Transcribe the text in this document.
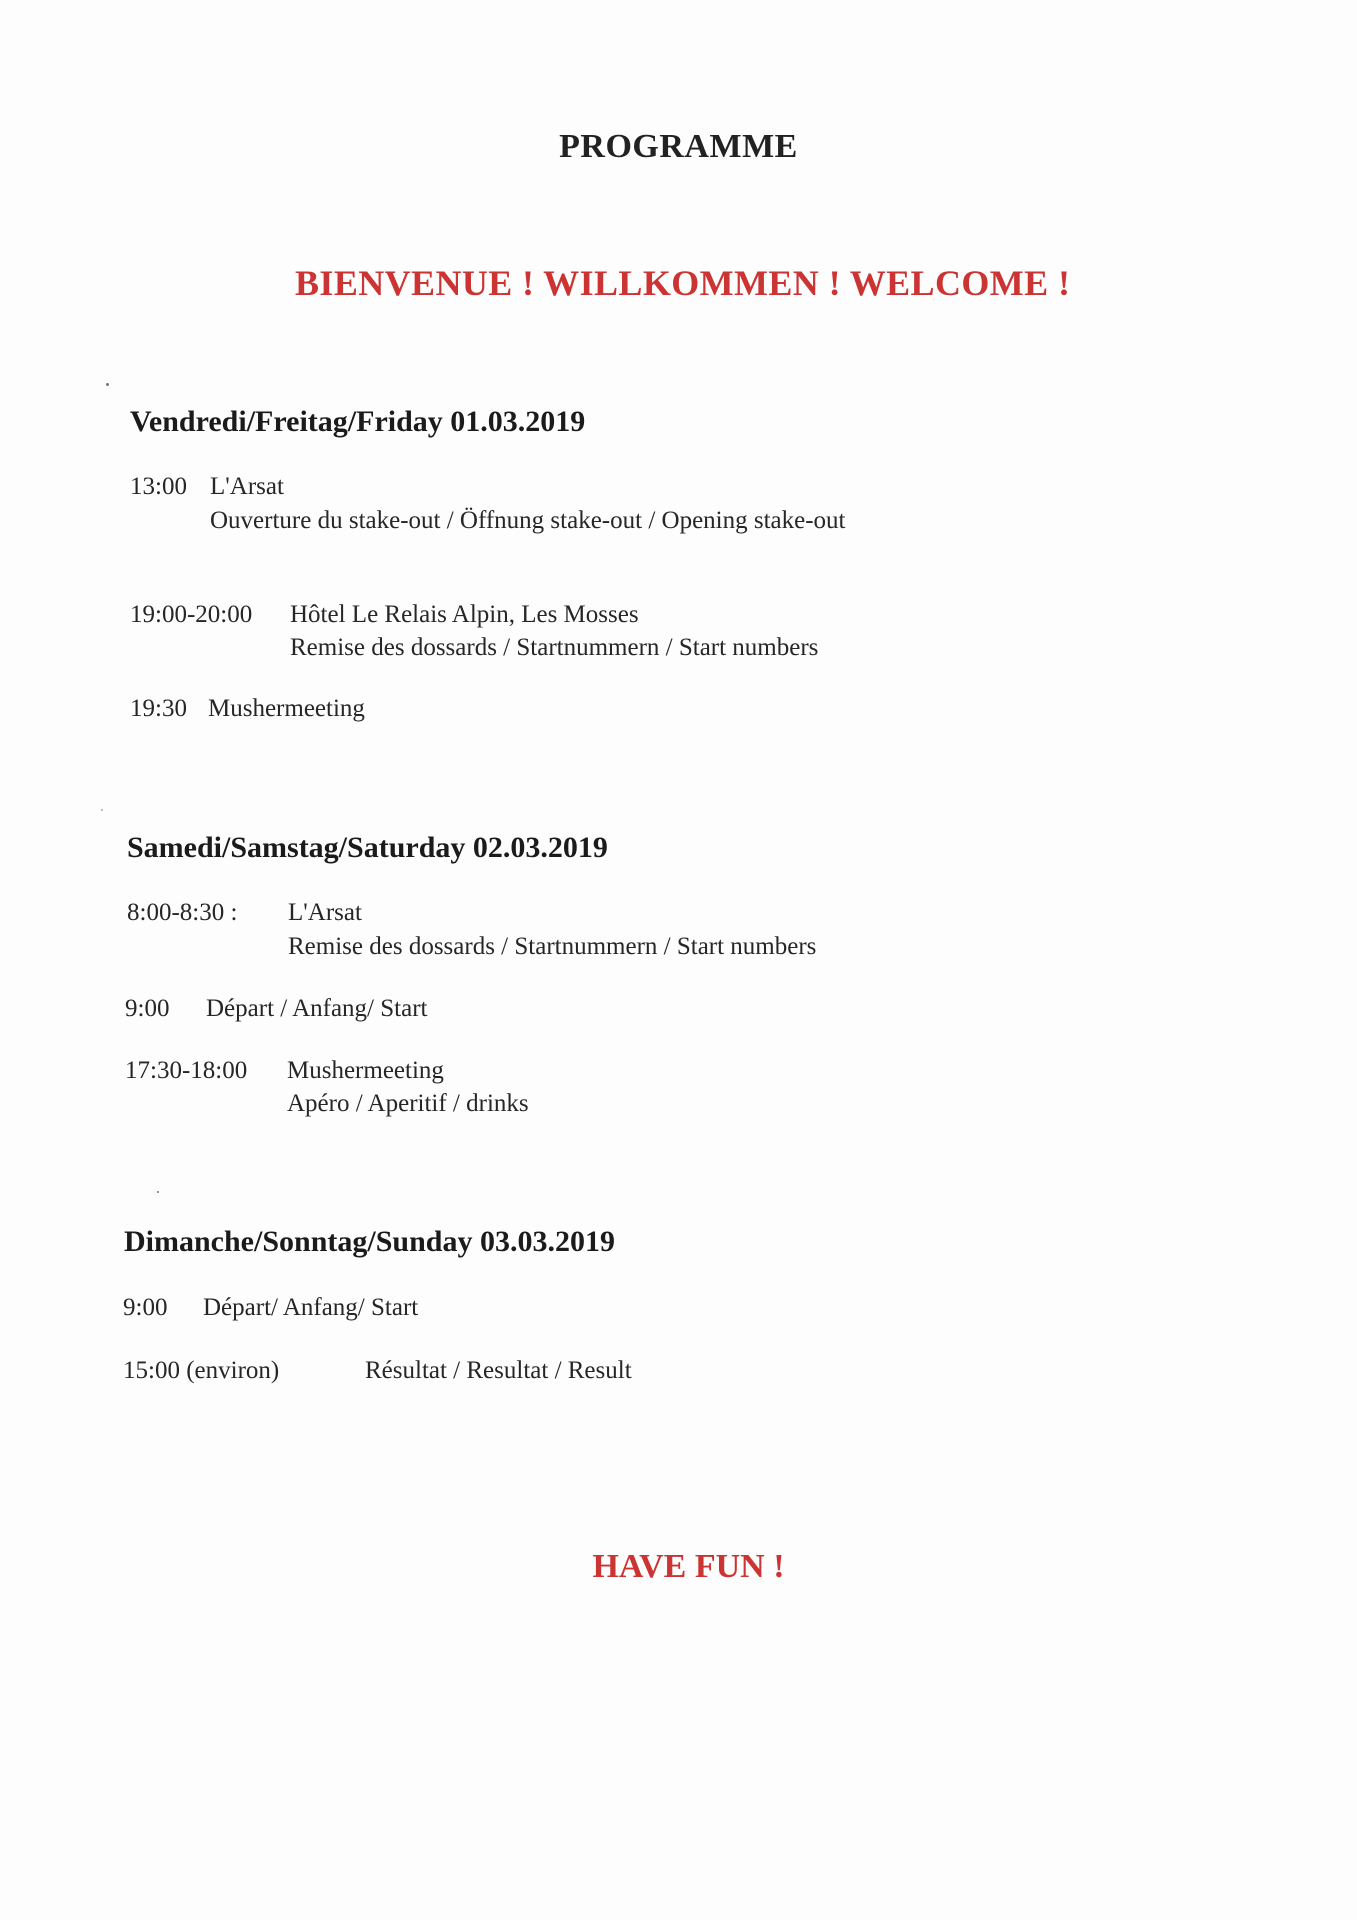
PROGRAMME
BIENVENUE ! WILLKOMMEN ! WELCOME !
Vendredi/Freitag/Friday 01.03.2019
13:00 L'Arsat
Ouverture du stake-out / Öffnung stake-out / Opening stake-out
19:00-20:00 Hôtel Le Relais Alpin, Les Mosses
Remise des dossards / Startnummern / Start numbers
19:30 Mushermeeting
Samedi/Samstag/Saturday 02.03.2019
8:00-8:30 : L'Arsat
Remise des dossards / Startnummern / Start numbers
9:00 Départ / Anfang/ Start
17:30-18:00 Mushermeeting
Apéro / Aperitif / drinks
Dimanche/Sonntag/Sunday 03.03.2019
9:00 Départ/ Anfang/ Start
15:00 (environ)	Résultat / Resultat / Result
HAVE FUN !
